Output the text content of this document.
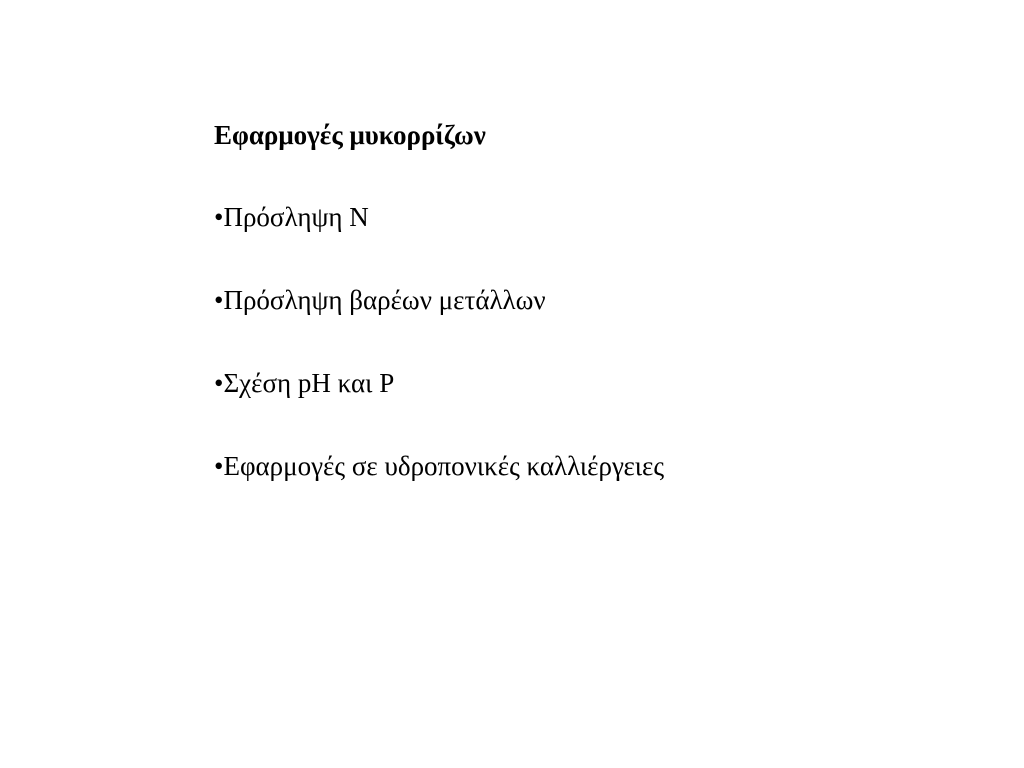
Εφαρμογές μυκορρίζων
•Πρόσληψη Ν
•Πρόσληψη βαρέων μετάλλων
•Σχέση pH και P
•Εφαρμογές σε υδροπονικές καλλιέργειες
